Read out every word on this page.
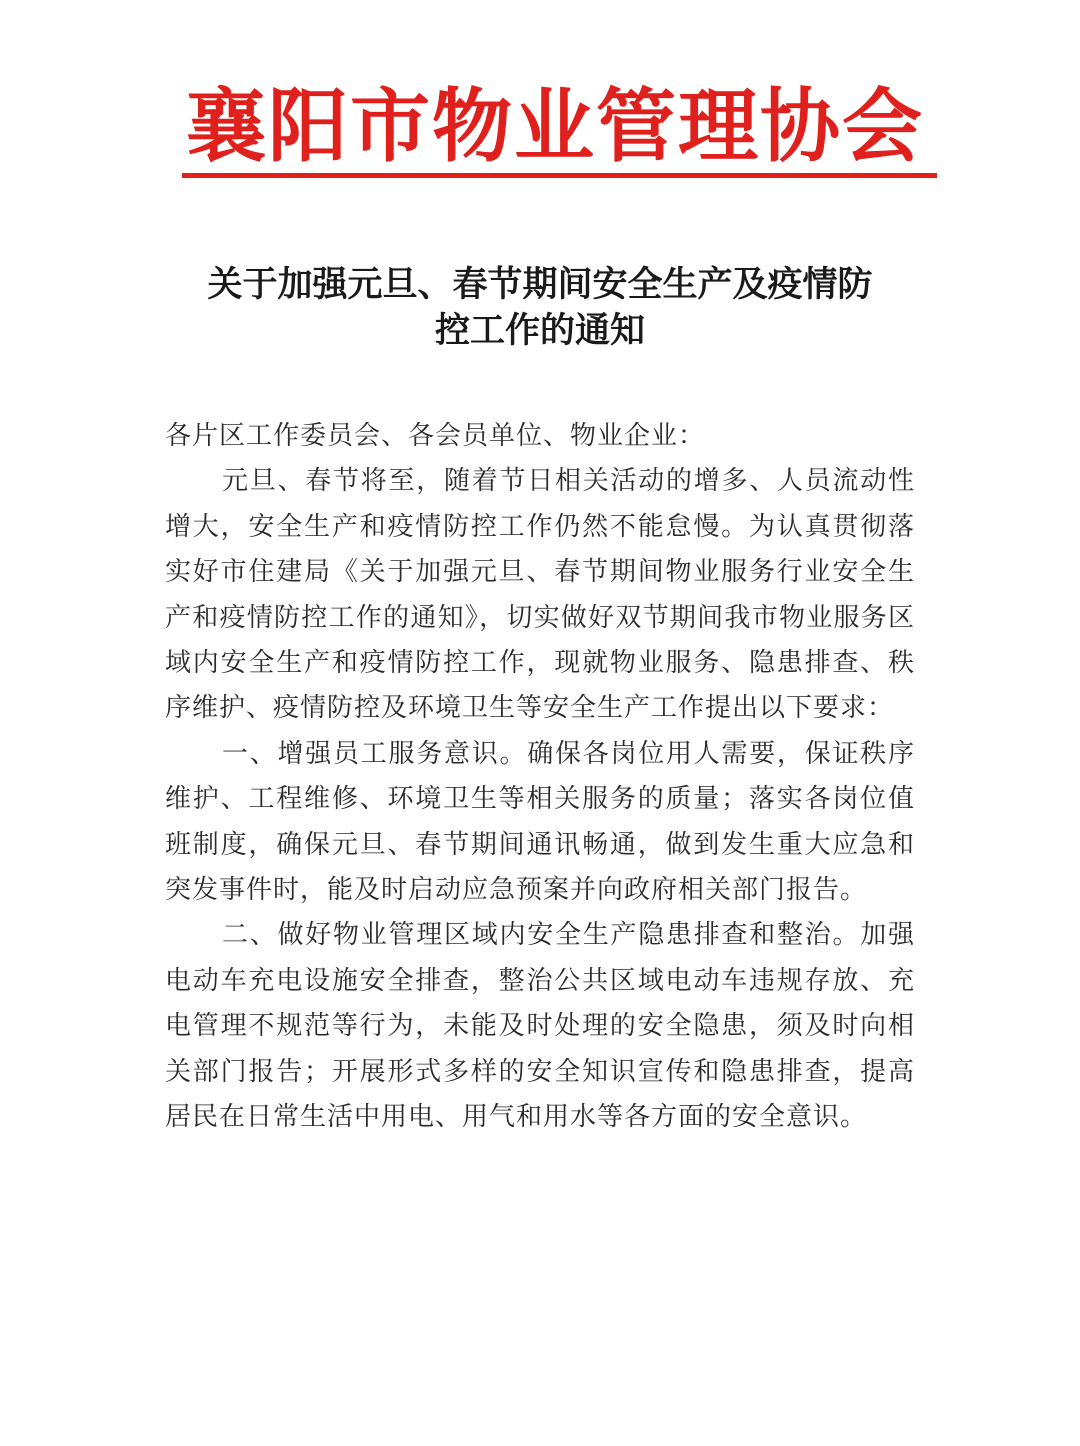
襄阳市物业管理协会
关于加强元旦、春节期间安全生产及疫情防
控工作的通知

各片区工作委员会、各会员单位、物业企业：

元旦、春节将至，随着节日相关活动的增多、人员流动性增大，安全生产和疫情防控工作仍然不能怠慢。为认真贯彻落实好市住建局《关于加强元旦、春节期间物业服务行业安全生产和疫情防控工作的通知》，切实做好双节期间我市物业服务区域内安全生产和疫情防控工作，现就物业服务、隐患排查、秩序维护、疫情防控及环境卫生等安全生产工作提出以下要求：

一、增强员工服务意识。确保各岗位用人需要，保证秩序维护、工程维修、环境卫生等相关服务的质量；落实各岗位值班制度，确保元旦、春节期间通讯畅通，做到发生重大应急和突发事件时，能及时启动应急预案并向政府相关部门报告。

二、做好物业管理区域内安全生产隐患排查和整治。加强电动车充电设施安全排查，整治公共区域电动车违规存放、充电管理不规范等行为，未能及时处理的安全隐患，须及时向相关部门报告；开展形式多样的安全知识宣传和隐患排查，提高居民在日常生活中用电、用气和用水等各方面的安全意识。
